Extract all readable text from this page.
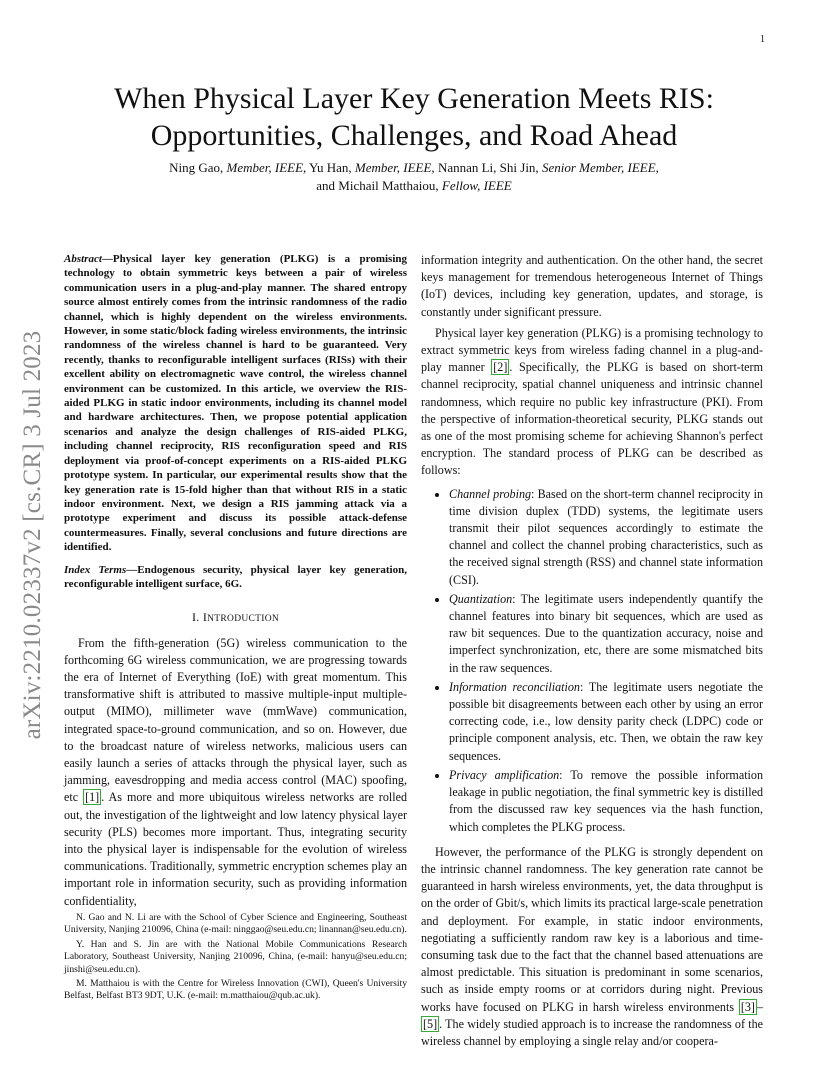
1
arXiv:2210.02337v2 [cs.CR] 3 Jul 2023
When Physical Layer Key Generation Meets RIS:
Opportunities, Challenges, and Road Ahead
Ning Gao, Member, IEEE, Yu Han, Member, IEEE, Nannan Li, Shi Jin, Senior Member, IEEE,
and Michail Matthaiou, Fellow, IEEE

Abstract—Physical layer key generation (PLKG) is a promising technology to obtain symmetric keys between a pair of wireless communication users in a plug-and-play manner. The shared entropy source almost entirely comes from the intrinsic randomness of the radio channel, which is highly dependent on the wireless environments. However, in some static/block fading wireless environments, the intrinsic randomness of the wireless channel is hard to be guaranteed. Very recently, thanks to reconfigurable intelligent surfaces (RISs) with their excellent ability on electromagnetic wave control, the wireless channel environment can be customized. In this article, we overview the RIS-aided PLKG in static indoor environments, including its channel model and hardware architectures. Then, we propose potential application scenarios and analyze the design challenges of RIS-aided PLKG, including channel reciprocity, RIS reconfiguration speed and RIS deployment via proof-of-concept experiments on a RIS-aided PLKG prototype system. In particular, our experimental results show that the key generation rate is 15-fold higher than that without RIS in a static indoor environment. Next, we design a RIS jamming attack via a prototype experiment and discuss its possible attack-defense countermeasures. Finally, several conclusions and future directions are identified.

Index Terms—Endogenous security, physical layer key generation, reconfigurable intelligent surface, 6G.

I. INTRODUCTION

From the fifth-generation (5G) wireless communication to the forthcoming 6G wireless communication, we are progressing towards the era of Internet of Everything (IoE) with great momentum. This transformative shift is attributed to massive multiple-input multiple-output (MIMO), millimeter wave (mmWave) communication, integrated space-to-ground communication, and so on. However, due to the broadcast nature of wireless networks, malicious users can easily launch a series of attacks through the physical layer, such as jamming, eavesdropping and media access control (MAC) spoofing, etc [1] . As more and more ubiquitous wireless networks are rolled out, the investigation of the lightweight and low latency physical layer security (PLS) becomes more important. Thus, integrating security into the physical layer is indispensable for the evolution of wireless communications. Traditionally, symmetric encryption schemes play an important role in information security, such as providing information confidentiality,

N. Gao and N. Li are with the School of Cyber Science and Engineering, Southeast University, Nanjing 210096, China (e-mail: ninggao@seu.edu.cn; linannan@seu.edu.cn).

Y. Han and S. Jin are with the National Mobile Communications Research Laboratory, Southeast University, Nanjing 210096, China, (e-mail: hanyu@seu.edu.cn; jinshi@seu.edu.cn).

M. Matthaiou is with the Centre for Wireless Innovation (CWI), Queen's University Belfast, Belfast BT3 9DT, U.K. (e-mail: m.matthaiou@qub.ac.uk).

information integrity and authentication. On the other hand, the secret keys management for tremendous heterogeneous Internet of Things (IoT) devices, including key generation, updates, and storage, is constantly under significant pressure.

Physical layer key generation (PLKG) is a promising technology to extract symmetric keys from wireless fading channel in a plug-and-play manner [2] . Specifically, the PLKG is based on short-term channel reciprocity, spatial channel uniqueness and intrinsic channel randomness, which require no public key infrastructure (PKI). From the perspective of information-theoretical security, PLKG stands out as one of the most promising scheme for achieving Shannon's perfect encryption. The standard process of PLKG can be described as follows:

• Channel probing: Based on the short-term channel reciprocity in time division duplex (TDD) systems, the legitimate users transmit their pilot sequences accordingly to estimate the channel and collect the channel probing characteristics, such as the received signal strength (RSS) and channel state information (CSI).
• Quantization: The legitimate users independently quantify the channel features into binary bit sequences, which are used as raw bit sequences. Due to the quantization accuracy, noise and imperfect synchronization, etc, there are some mismatched bits in the raw sequences.
• Information reconciliation: The legitimate users negotiate the possible bit disagreements between each other by using an error correcting code, i.e., low density parity check (LDPC) code or principle component analysis, etc. Then, we obtain the raw key sequences.
• Privacy amplification: To remove the possible information leakage in public negotiation, the final symmetric key is distilled from the discussed raw key sequences via the hash function, which completes the PLKG process.

However, the performance of the PLKG is strongly dependent on the intrinsic channel randomness. The key generation rate cannot be guaranteed in harsh wireless environments, yet, the data throughput is on the order of Gbit/s, which limits its practical large-scale penetration and deployment. For example, in static indoor environments, negotiating a sufficiently random raw key is a laborious and time-consuming task due to the fact that the channel based attenuations are almost predictable. This situation is predominant in some scenarios, such as inside empty rooms or at corridors during night. Previous works have focused on PLKG in harsh wireless environments [3] –[5] . The widely studied approach is to increase the randomness of the wireless channel by employing a single relay and/or coopera-
